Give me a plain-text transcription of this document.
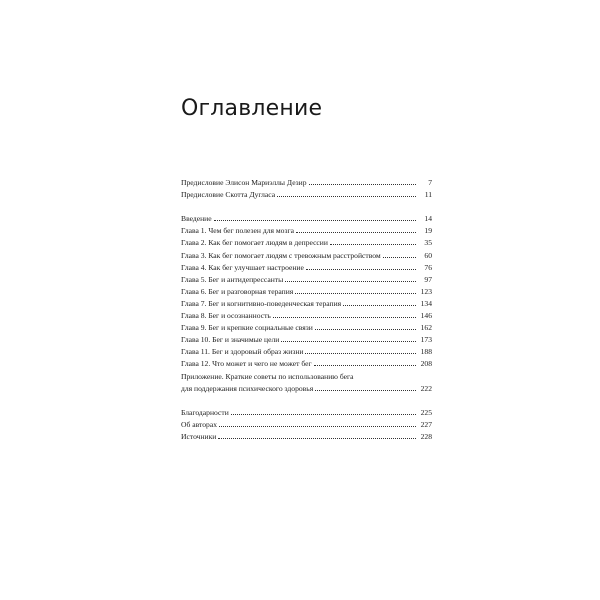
Оглавление
Предисловие Элисон Мариэллы Дезир	7
Предисловие Скотта Дугласа	11
Введение	14
Глава 1. Чем бег полезен для мозга	19
Глава 2. Как бег помогает людям в депрессии	35
Глава 3. Как бег помогает людям с тревожным расстройством	60
Глава 4. Как бег улучшает настроение	76
Глава 5. Бег и антидепрессанты	97
Глава 6. Бег и разговорная терапия	123
Глава 7. Бег и когнитивно-поведенческая терапия	134
Глава 8. Бег и осознанность	146
Глава 9. Бег и крепкие социальные связи	162
Глава 10. Бег и значимые цели	173
Глава 11. Бег и здоровый образ жизни	188
Глава 12. Что может и чего не может бег	208
Приложение. Краткие советы по использованию бега
для поддержания психического здоровья	222
Благодарности	225
Об авторах	227
Источники	228
